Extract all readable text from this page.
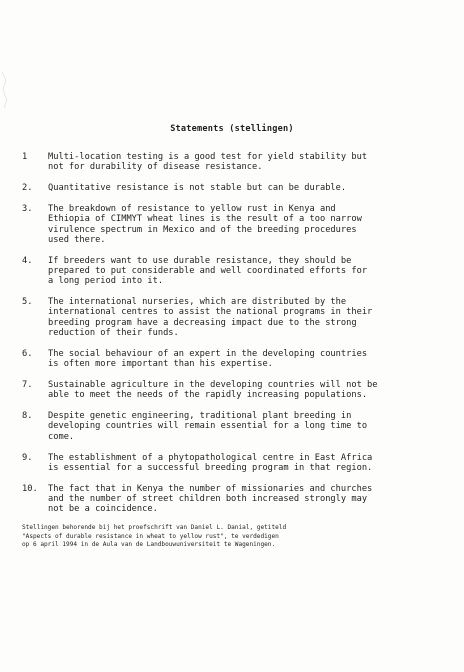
Statements (stellingen)
1	Multi-location testing is a good test for yield stability but
not for durability of disease resistance.
2.	Quantitative resistance is not stable but can be durable.
3.	The breakdown of resistance to yellow rust in Kenya and
Ethiopia of CIMMYT wheat lines is the result of a too narrow
virulence spectrum in Mexico and of the breeding procedures
used there.
4.	If breeders want to use durable resistance, they should be
prepared to put considerable and well coordinated efforts for
a long period into it.
5.	The international nurseries, which are distributed by the
international centres to assist the national programs in their
breeding program have a decreasing impact due to the strong
reduction of their funds.
6.	The social behaviour of an expert in the developing countries
is often more important than his expertise.
7.	Sustainable agriculture in the developing countries will not be
able to meet the needs of the rapidly increasing populations.
8.	Despite genetic engineering, traditional plant breeding in
developing countries will remain essential for a long time to
come.
9.	The establishment of a phytopathological centre in East Africa
is essential for a successful breeding program in that region.
10.	The fact that in Kenya the number of missionaries and churches
and the number of street children both increased strongly may
not be a coincidence.
Stellingen behorende bij het proefschrift van Daniel L. Danial, getiteld
"Aspects of durable resistance in wheat to yellow rust", te verdedigen
op 6 april 1994 in de Aula van de Landbouwuniversiteit te Wageningen.
